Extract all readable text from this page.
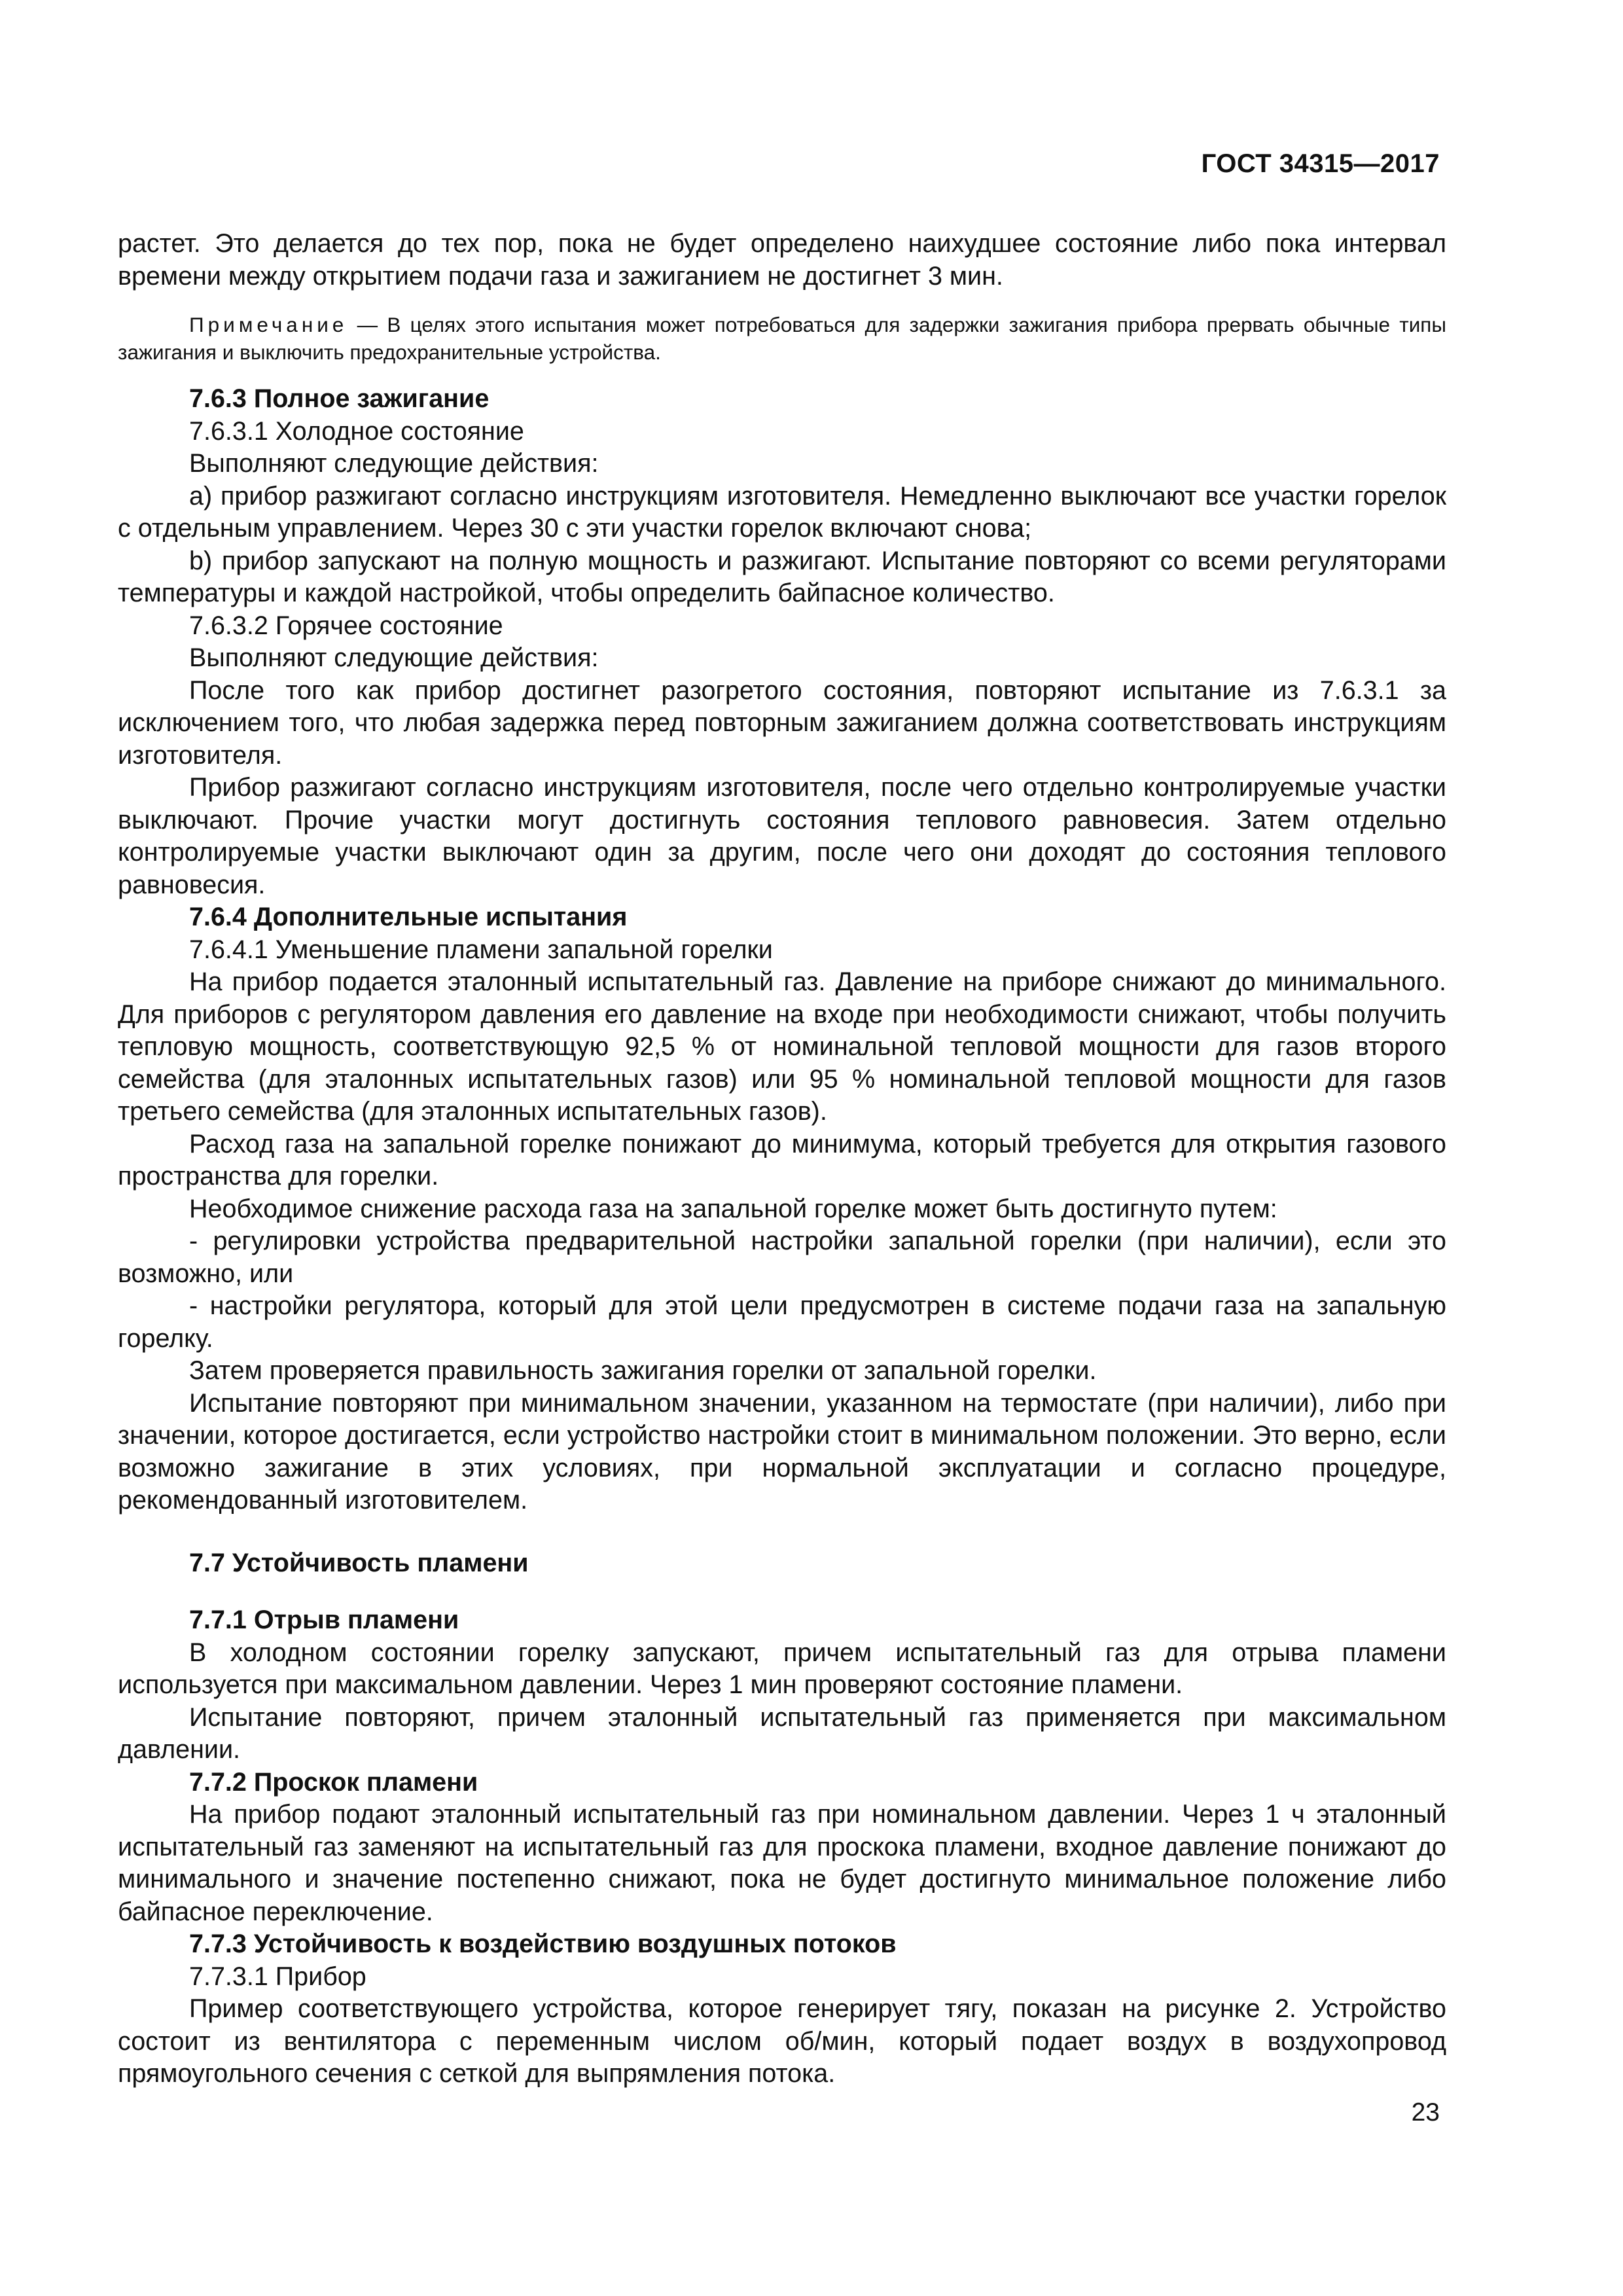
ГОСТ 34315—2017

растет. Это делается до тех пор, пока не будет определено наихудшее состояние либо пока интервал времени между открытием подачи газа и зажиганием не достигнет 3 мин.

Примечание — В целях этого испытания может потребоваться для задержки зажигания прибора прервать обычные типы зажигания и выключить предохранительные устройства.

7.6.3 Полное зажигание

7.6.3.1 Холодное состояние

Выполняют следующие действия:

a) прибор разжигают согласно инструкциям изготовителя. Немедленно выключают все участки горелок с отдельным управлением. Через 30 с эти участки горелок включают снова;

b) прибор запускают на полную мощность и разжигают. Испытание повторяют со всеми регуляторами температуры и каждой настройкой, чтобы определить байпасное количество.

7.6.3.2 Горячее состояние

Выполняют следующие действия:

После того как прибор достигнет разогретого состояния, повторяют испытание из 7.6.3.1 за исключением того, что любая задержка перед повторным зажиганием должна соответствовать инструкциям изготовителя.

Прибор разжигают согласно инструкциям изготовителя, после чего отдельно контролируемые участки выключают. Прочие участки могут достигнуть состояния теплового равновесия. Затем отдельно контролируемые участки выключают один за другим, после чего они доходят до состояния теплового равновесия.

7.6.4 Дополнительные испытания

7.6.4.1 Уменьшение пламени запальной горелки

На прибор подается эталонный испытательный газ. Давление на приборе снижают до минимального. Для приборов с регулятором давления его давление на входе при необходимости снижают, чтобы получить тепловую мощность, соответствующую 92,5 % от номинальной тепловой мощности для газов второго семейства (для эталонных испытательных газов) или 95 % номинальной тепловой мощности для газов третьего семейства (для эталонных испытательных газов).

Расход газа на запальной горелке понижают до минимума, который требуется для открытия газового пространства для горелки.

Необходимое снижение расхода газа на запальной горелке может быть достигнуто путем:

- регулировки устройства предварительной настройки запальной горелки (при наличии), если это возможно, или

- настройки регулятора, который для этой цели предусмотрен в системе подачи газа на запальную горелку.

Затем проверяется правильность зажигания горелки от запальной горелки.

Испытание повторяют при минимальном значении, указанном на термостате (при наличии), либо при значении, которое достигается, если устройство настройки стоит в минимальном положении. Это верно, если возможно зажигание в этих условиях, при нормальной эксплуатации и согласно процедуре, рекомендованный изготовителем.

7.7 Устойчивость пламени

7.7.1 Отрыв пламени

В холодном состоянии горелку запускают, причем испытательный газ для отрыва пламени используется при максимальном давлении. Через 1 мин проверяют состояние пламени.

Испытание повторяют, причем эталонный испытательный газ применяется при максимальном давлении.

7.7.2 Проскок пламени

На прибор подают эталонный испытательный газ при номинальном давлении. Через 1 ч эталонный испытательный газ заменяют на испытательный газ для проскока пламени, входное давление понижают до минимального и значение постепенно снижают, пока не будет достигнуто минимальное положение либо байпасное переключение.

7.7.3 Устойчивость к воздействию воздушных потоков

7.7.3.1 Прибор

Пример соответствующего устройства, которое генерирует тягу, показан на рисунке 2. Устройство состоит из вентилятора с переменным числом об/мин, который подает воздух в воздухопровод прямоугольного сечения с сеткой для выпрямления потока.

23
